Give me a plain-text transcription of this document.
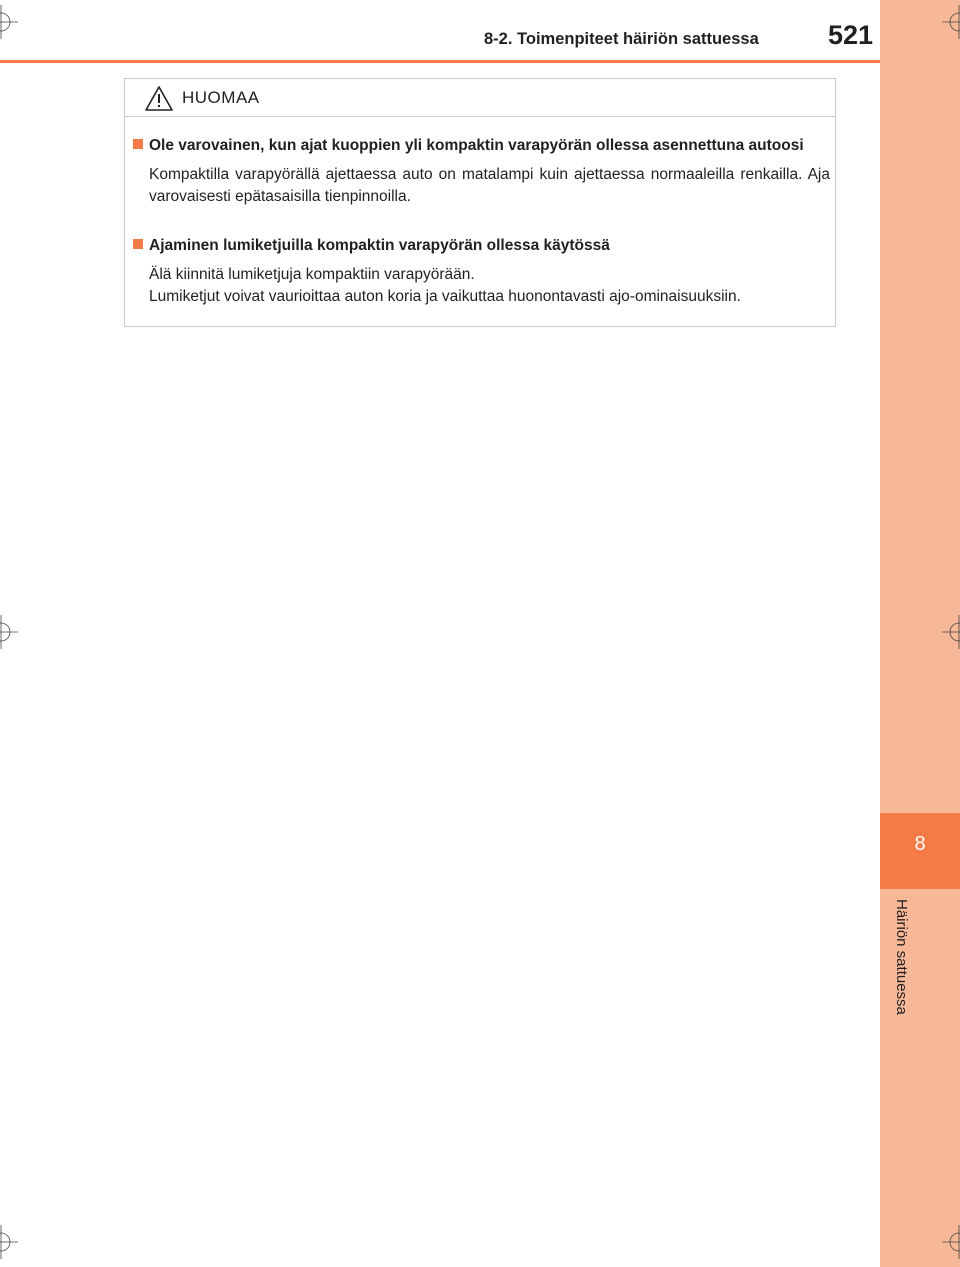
8
Häiriön sattuessa
8-2. Toimenpiteet häiriön sattuessa	521
HUOMAA

Ole varovainen, kun ajat kuoppien yli kompaktin varapyörän ollessa asennettuna autoosi

Kompaktilla varapyörällä ajettaessa auto on matalampi kuin ajettaessa normaaleilla renkailla. Aja varovaisesti epätasaisilla tienpinnoilla.

Ajaminen lumiketjuilla kompaktin varapyörän ollessa käytössä

Älä kiinnitä lumiketjuja kompaktiin varapyörään.
Lumiketjut voivat vaurioittaa auton koria ja vaikuttaa huonontavasti ajo-ominaisuuksiin.
